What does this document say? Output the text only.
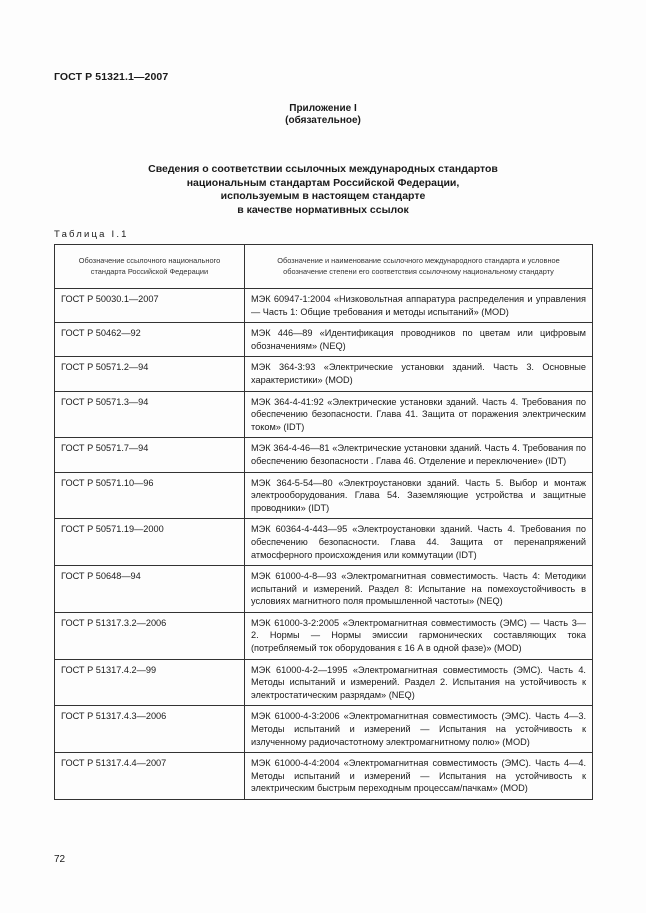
ГОСТ Р 51321.1—2007
Приложение I
(обязательное)
Сведения о соответствии ссылочных международных стандартов
национальным стандартам Российской Федерации,
используемым в настоящем стандарте
в качестве нормативных ссылок
Таблица I.1
Обозначение ссылочного национального стандарта Российской Федерации	Обозначение и наименование ссылочного международного стандарта и условное обозначение степени его соответствия ссылочному национальному стандарту
ГОСТ Р 50030.1—2007	МЭК 60947-1:2004 «Низковольтная аппаратура распределения и управления — Часть 1: Общие требования и методы испытаний» (MOD)
ГОСТ Р 50462—92	МЭК 446—89 «Идентификация проводников по цветам или цифровым обозначениям» (NEQ)
ГОСТ Р 50571.2—94	МЭК 364-3:93 «Электрические установки зданий. Часть 3. Основные характеристики» (MOD)
ГОСТ Р 50571.3—94	МЭК 364-4-41:92 «Электрические установки зданий. Часть 4. Требования по обеспечению безопасности. Глава 41. Защита от поражения электрическим током» (IDT)
ГОСТ Р 50571.7—94	МЭК 364-4-46—81 «Электрические установки зданий. Часть 4. Требования по обеспечению безопасности . Глава 46. Отделение и переключение» (IDT)
ГОСТ Р 50571.10—96	МЭК 364-5-54—80 «Электроустановки зданий. Часть 5. Выбор и монтаж электрооборудования. Глава 54. Заземляющие устройства и защитные проводники» (IDT)
ГОСТ Р 50571.19—2000	МЭК 60364-4-443—95 «Электроустановки зданий. Часть 4. Требования по обеспечению безопасности. Глава 44. Защита от перенапряжений атмосферного происхождения или коммутации (IDT)
ГОСТ Р 50648—94	МЭК 61000-4-8—93 «Электромагнитная совместимость. Часть 4: Методики испытаний и измерений. Раздел 8: Испытание на помехоустойчивость в условиях магнитного поля промышленной частоты» (NEQ)
ГОСТ Р 51317.3.2—2006	МЭК 61000-3-2:2005 «Электромагнитная совместимость (ЭМС) — Часть 3—2. Нормы — Нормы эмиссии гармонических составляющих тока (потребляемый ток оборудования ε 16 А в одной фазе)» (MOD)
ГОСТ Р 51317.4.2—99	МЭК 61000-4-2—1995 «Электромагнитная совместимость (ЭМС). Часть 4. Методы испытаний и измерений. Раздел 2. Испытания на устойчивость к электростатическим разрядам» (NEQ)
ГОСТ Р 51317.4.3—2006	МЭК 61000-4-3:2006 «Электромагнитная совместимость (ЭМС). Часть 4—3. Методы испытаний и измерений — Испытания на устойчивость к излученному радиочастотному электромагнитному полю» (MOD)
ГОСТ Р 51317.4.4—2007	МЭК 61000-4-4:2004 «Электромагнитная совместимость (ЭМС). Часть 4—4. Методы испытаний и измерений — Испытания на устойчивость к электрическим быстрым переходным процессам/пачкам» (MOD)
72
